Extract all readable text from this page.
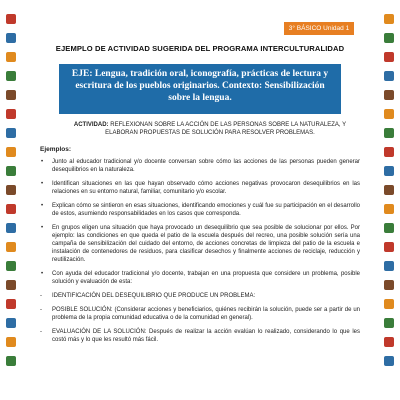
3° BÁSICO Unidad 1
EJEMPLO DE ACTIVIDAD SUGERIDA DEL PROGRAMA INTERCULTURALIDAD
EJE: Lengua, tradición oral, iconografía, prácticas de lectura y
escritura de los pueblos originarios. Contexto: Sensibilización
sobre la lengua.
ACTIVIDAD: REFLEXIONAN SOBRE LA ACCIÓN DE LAS PERSONAS SOBRE LA NATURALEZA, Y
ELABORAN PROPUESTAS DE SOLUCIÓN PARA RESOLVER PROBLEMAS.
Ejemplos:
• Junto al educador tradicional y/o docente conversan sobre cómo las acciones de las personas pueden generar desequilibrios en la naturaleza.
• Identifican situaciones en las que hayan observado cómo acciones negativas provocaron desequilibrios en las relaciones en su entorno natural, familiar, comunitario y/o escolar.
• Explican cómo se sintieron en esas situaciones, identificando emociones y cuál fue su participación en el desarrollo de estos, asumiendo responsabilidades en los casos que corresponda.
• En grupos eligen una situación que haya provocado un desequilibrio que sea posible de solucionar por ellos. Por ejemplo: las condiciones en que queda el patio de la escuela después del recreo, una posible solución sería una campaña de sensibilización del cuidado del entorno, de acciones concretas de limpieza del patio de la escuela e instalación de contenedores de residuos, para clasificar desechos y finalmente acciones de reciclaje, reducción y reutilización.
• Con ayuda del educador tradicional y/o docente, trabajan en una propuesta que considere un problema, posible solución y evaluación de esta:
- IDENTIFICACIÓN DEL DESEQUILIBRIO QUE PRODUCE UN PROBLEMA:
- POSIBLE SOLUCIÓN: (Considerar acciones y beneficiarios, quiénes recibirán la solución, puede ser a partir de un problema de la propia comunidad educativa o de la comunidad en general).
- EVALUACIÓN DE LA SOLUCIÓN: Después de realizar la acción evalúan lo realizado, considerando lo que les costó más y lo que les resultó más fácil.
